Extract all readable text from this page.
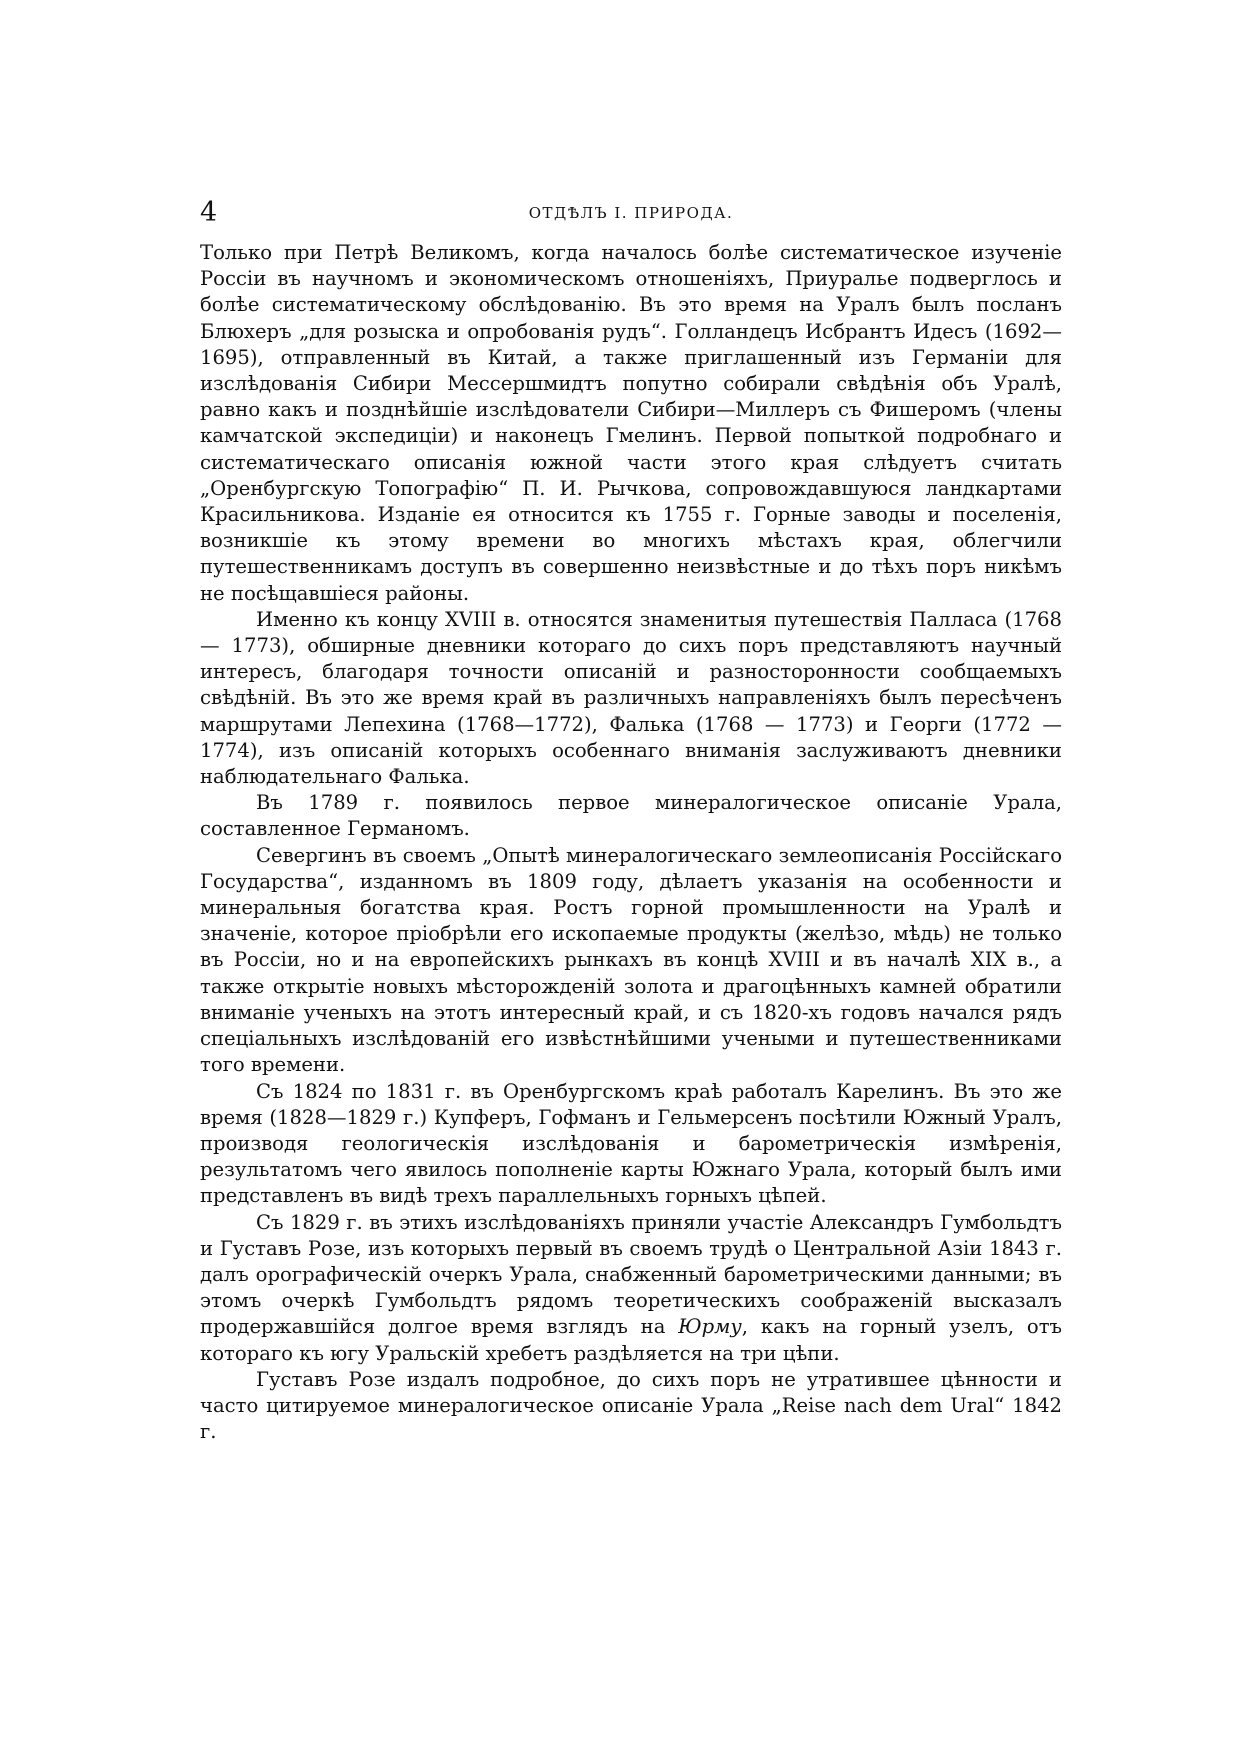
4	ОТДѢЛЪ I. ПРИРОДА.

Только при Петрѣ Великомъ, когда началось болѣе систематическое изученіе Россіи въ научномъ и экономическомъ отношеніяхъ, Приуралье подверглось и болѣе систематическому обслѣдованію. Въ это время на Уралъ былъ посланъ Блюхеръ „для розыска и опробованія рудъ“. Голландецъ Исбрантъ Идесъ (1692—1695), отправленный въ Китай, а также приглашенный изъ Германіи для изслѣдованія Сибири Мессершмидтъ попутно собирали свѣдѣнія объ Уралѣ, равно какъ и позднѣйшіе изслѣдователи Сибири—Миллеръ съ Фишеромъ (члены камчатской экспедиціи) и наконецъ Гмелинъ. Первой попыткой подробнаго и систематическаго описанія южной части этого края слѣдуетъ считать „Оренбургскую Топографію“ П. И. Рычкова, сопровождавшуюся ландкартами Красильникова. Изданіе ея относится къ 1755 г. Горные заводы и поселенія, возникшіе къ этому времени во многихъ мѣстахъ края, облегчили путешественникамъ доступъ въ совершенно неизвѣстные и до тѣхъ поръ никѣмъ не посѣщавшіеся районы.

Именно къ концу XVIII в. относятся знаменитыя путешествія Палласа (1768 — 1773), обширные дневники котораго до сихъ поръ представляютъ научный интересъ, благодаря точности описаній и разносторонности сообщаемыхъ свѣдѣній. Въ это же время край въ различныхъ направленіяхъ былъ пересѣченъ маршрутами Лепехина (1768—1772), Фалька (1768 — 1773) и Георги (1772 — 1774), изъ описаній которыхъ особеннаго вниманія заслуживаютъ дневники наблюдательнаго Фалька.

Въ 1789 г. появилось первое минералогическое описаніе Урала, составленное Германомъ.

Севергинъ въ своемъ „Опытѣ минералогическаго землеописанія Россійскаго Государства“, изданномъ въ 1809 году, дѣлаетъ указанія на особенности и минеральныя богатства края. Ростъ горной промышленности на Уралѣ и значеніе, которое пріобрѣли его ископаемые продукты (желѣзо, мѣдь) не только въ Россіи, но и на европейскихъ рынкахъ въ концѣ XVIII и въ началѣ XIX в., а также открытіе новыхъ мѣсторожденій золота и драгоцѣнныхъ камней обратили вниманіе ученыхъ на этотъ интересный край, и съ 1820-хъ годовъ начался рядъ спеціальныхъ изслѣдованій его извѣстнѣйшими учеными и путешественниками того времени.

Съ 1824 по 1831 г. въ Оренбургскомъ краѣ работалъ Карелинъ. Въ это же время (1828—1829 г.) Купферъ, Гофманъ и Гельмерсенъ посѣтили Южный Уралъ, производя геологическія изслѣдованія и барометрическія измѣренія, результатомъ чего явилось пополненіе карты Южнаго Урала, который былъ ими представленъ въ видѣ трехъ параллельныхъ горныхъ цѣпей.

Съ 1829 г. въ этихъ изслѣдованіяхъ приняли участіе Александръ Гумбольдтъ и Густавъ Розе, изъ которыхъ первый въ своемъ трудѣ о Центральной Азіи 1843 г. далъ орографическій очеркъ Урала, снабженный барометрическими данными; въ этомъ очеркѣ Гумбольдтъ рядомъ теоретическихъ соображеній высказалъ продержавшійся долгое время взглядъ на Юрму, какъ на горный узелъ, отъ котораго къ югу Уральскій хребетъ раздѣляется на три цѣпи.

Густавъ Розе издалъ подробное, до сихъ поръ не утратившее цѣнности и часто цитируемое минералогическое описаніе Урала „Reise nach dem Ural“ 1842 г.
